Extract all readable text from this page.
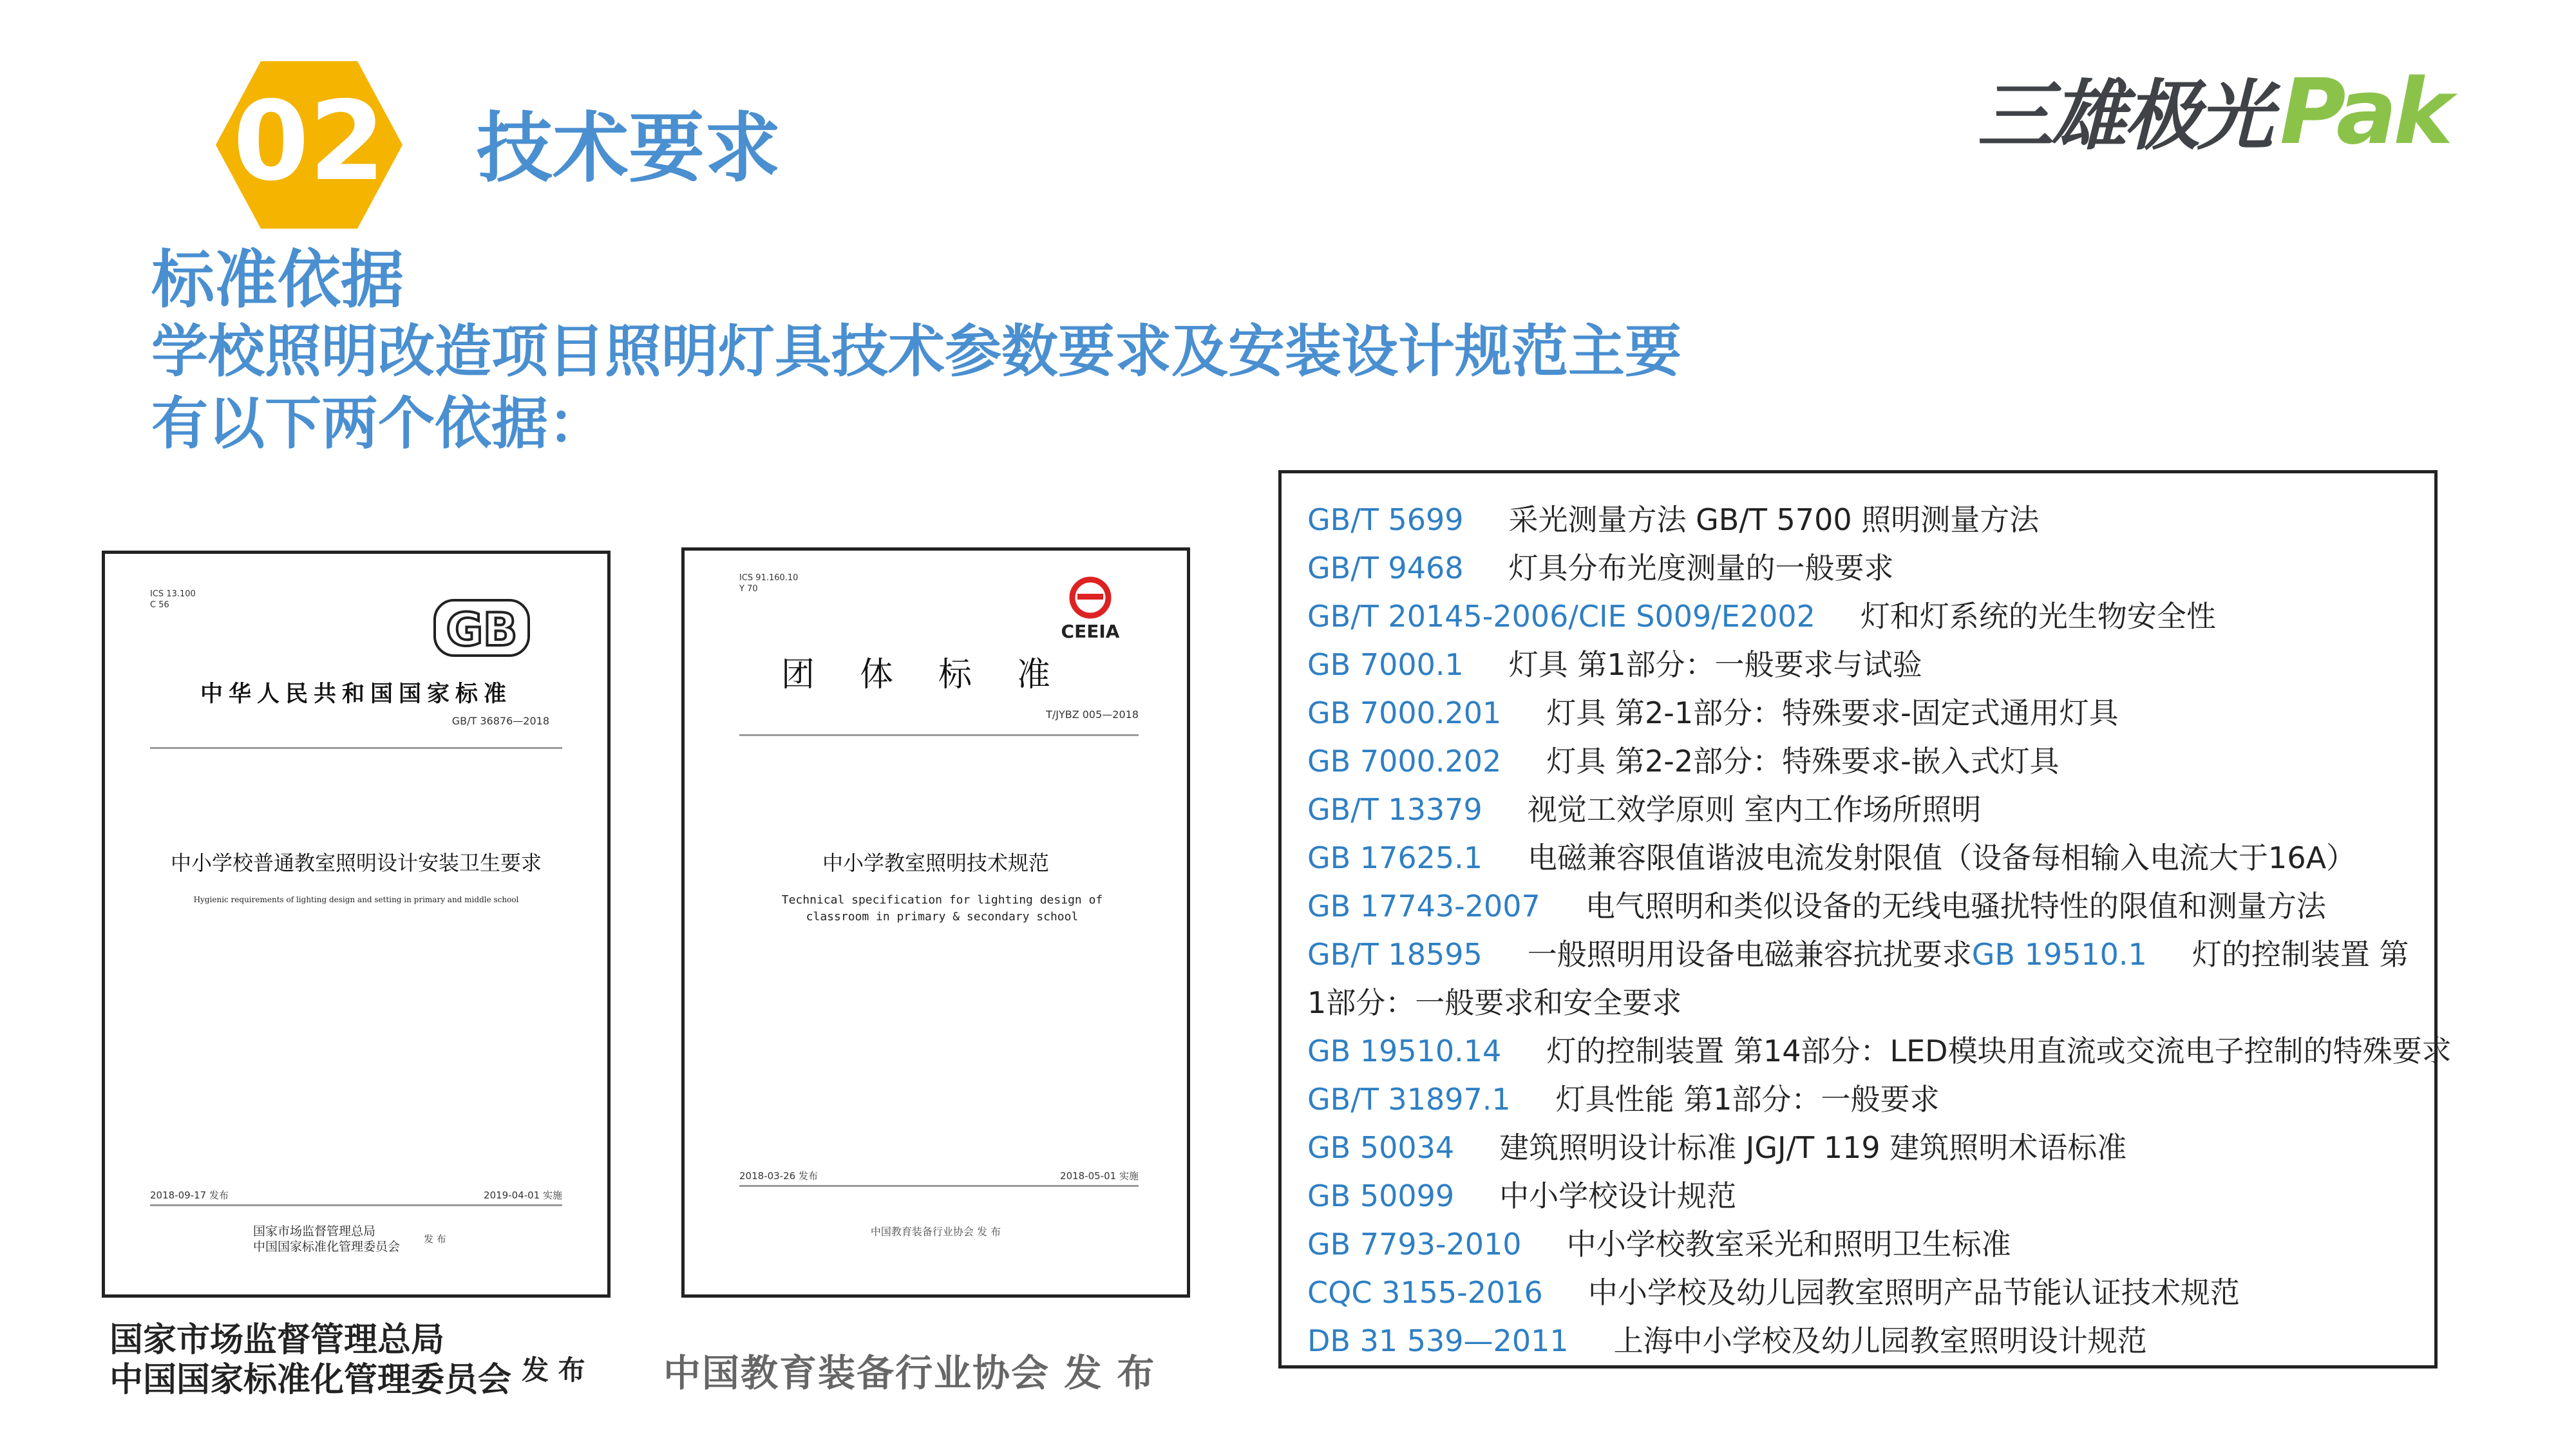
02 技术要求	三雄极光 Pak
标准依据
学校照明改造项目照明灯具技术参数要求及安装设计规范主要有以下两个依据：
ICS 13.100
C 56	GB
中华人民共和国国家标准
GB/T 36876—2018
中小学校普通教室照明设计安装卫生要求
Hygienic requirements of lighting design and setting in primary and middle school
2018-09-17 发布	2019-04-01 实施
国家市场监督管理总局
中国国家标准化管理委员会
发 布
ICS 91.160.10
Y 70
CEEIA
团体标准
T/JYBZ 005—2018
中小学教室照明技术规范
Technical specification for lighting design of classroom in primary & secondary school
2018-03-26 发布	2018-05-01 实施
中国教育装备行业协会 发 布
国家市场监督管理总局
中国国家标准化管理委员会 发 布 中国教育装备行业协会 发 布
GB/T 5699 采光测量方法 GB/T 5700 照明测量方法
GB/T 9468 灯具分布光度测量的一般要求
GB/T 20145-2006/CIE S009/E2002 灯和灯系统的光生物安全性
GB 7000.1 灯具 第1部分：一般要求与试验
GB 7000.201 灯具 第2-1部分：特殊要求-固定式通用灯具
GB 7000.202 灯具 第2-2部分：特殊要求-嵌入式灯具
GB/T 13379 视觉工效学原则 室内工作场所照明
GB 17625.1 电磁兼容限值谐波电流发射限值（设备每相输入电流大于16A）
GB 17743-2007 电气照明和类似设备的无线电骚扰特性的限值和测量方法
GB/T 18595 一般照明用设备电磁兼容抗扰要求GB 19510.1 灯的控制装置 第1部分：一般要求和安全要求
GB 19510.14 灯的控制装置 第14部分：LED模块用直流或交流电子控制的特殊要求
GB/T 31897.1 灯具性能 第1部分：一般要求
GB 50034 建筑照明设计标准 JGJ/T 119 建筑照明术语标准
GB 50099 中小学校设计规范
GB 7793-2010 中小学校教室采光和照明卫生标准
CQC 3155-2016 中小学校及幼儿园教室照明产品节能认证技术规范
DB 31 539—2011 上海中小学校及幼儿园教室照明设计规范
